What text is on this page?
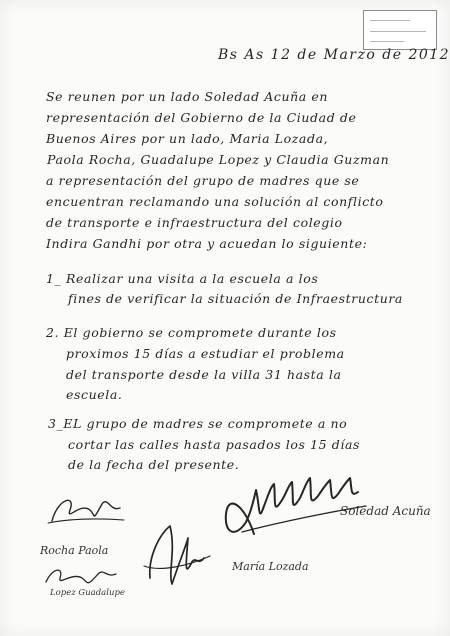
Bs As 12 de Marzo de 2012
Se reunen por un lado Soledad Acuña en
representación del Gobierno de la Ciudad de
Buenos Aires por un lado, Maria Lozada,
Paola Rocha, Guadalupe Lopez y Claudia Guzman
a representación del grupo de madres que se
encuentran reclamando una solución al conflicto
de transporte e infraestructura del colegio
Indira Gandhi por otra y acuedan lo siguiente:
1_ Realizar una visita a la escuela a los
fines de verificar la situación de Infraestructura
2. El gobierno se compromete durante los
proximos 15 días a estudiar el problema
del transporte desde la villa 31 hasta la
escuela.
3_EL grupo de madres se compromete a no
cortar las calles hasta pasados los 15 días
de la fecha del presente.
Soledad Acuña
Rocha Paola
María Lozada
Lopez Guadalupe
